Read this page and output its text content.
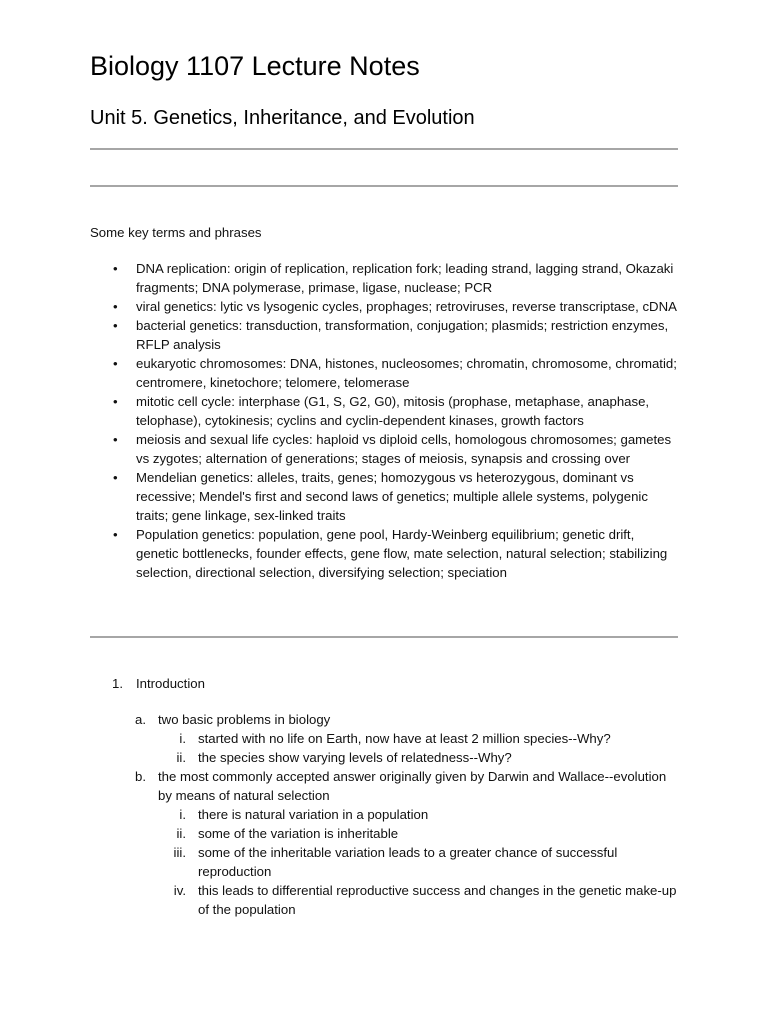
Biology 1107 Lecture Notes
Unit 5. Genetics, Inheritance, and Evolution
Some key terms and phrases
• DNA replication: origin of replication, replication fork; leading strand, lagging strand, Okazaki fragments; DNA polymerase, primase, ligase, nuclease; PCR
• viral genetics: lytic vs lysogenic cycles, prophages; retroviruses, reverse transcriptase, cDNA
• bacterial genetics: transduction, transformation, conjugation; plasmids; restriction enzymes, RFLP analysis
• eukaryotic chromosomes: DNA, histones, nucleosomes; chromatin, chromosome, chromatid; centromere, kinetochore; telomere, telomerase
• mitotic cell cycle: interphase (G1, S, G2, G0), mitosis (prophase, metaphase, anaphase, telophase), cytokinesis; cyclins and cyclin-dependent kinases, growth factors
• meiosis and sexual life cycles: haploid vs diploid cells, homologous chromosomes; gametes vs zygotes; alternation of generations; stages of meiosis, synapsis and crossing over
• Mendelian genetics: alleles, traits, genes; homozygous vs heterozygous, dominant vs recessive; Mendel's first and second laws of genetics; multiple allele systems, polygenic traits; gene linkage, sex-linked traits
• Population genetics: population, gene pool, Hardy-Weinberg equilibrium; genetic drift, genetic bottlenecks, founder effects, gene flow, mate selection, natural selection; stabilizing selection, directional selection, diversifying selection; speciation
1. Introduction
a. two basic problems in biology
i. started with no life on Earth, now have at least 2 million species--Why?
ii. the species show varying levels of relatedness--Why?
b. the most commonly accepted answer originally given by Darwin and Wallace--evolution by means of natural selection
i. there is natural variation in a population
ii. some of the variation is inheritable
iii. some of the inheritable variation leads to a greater chance of successful reproduction
iv. this leads to differential reproductive success and changes in the genetic make-up of the population
